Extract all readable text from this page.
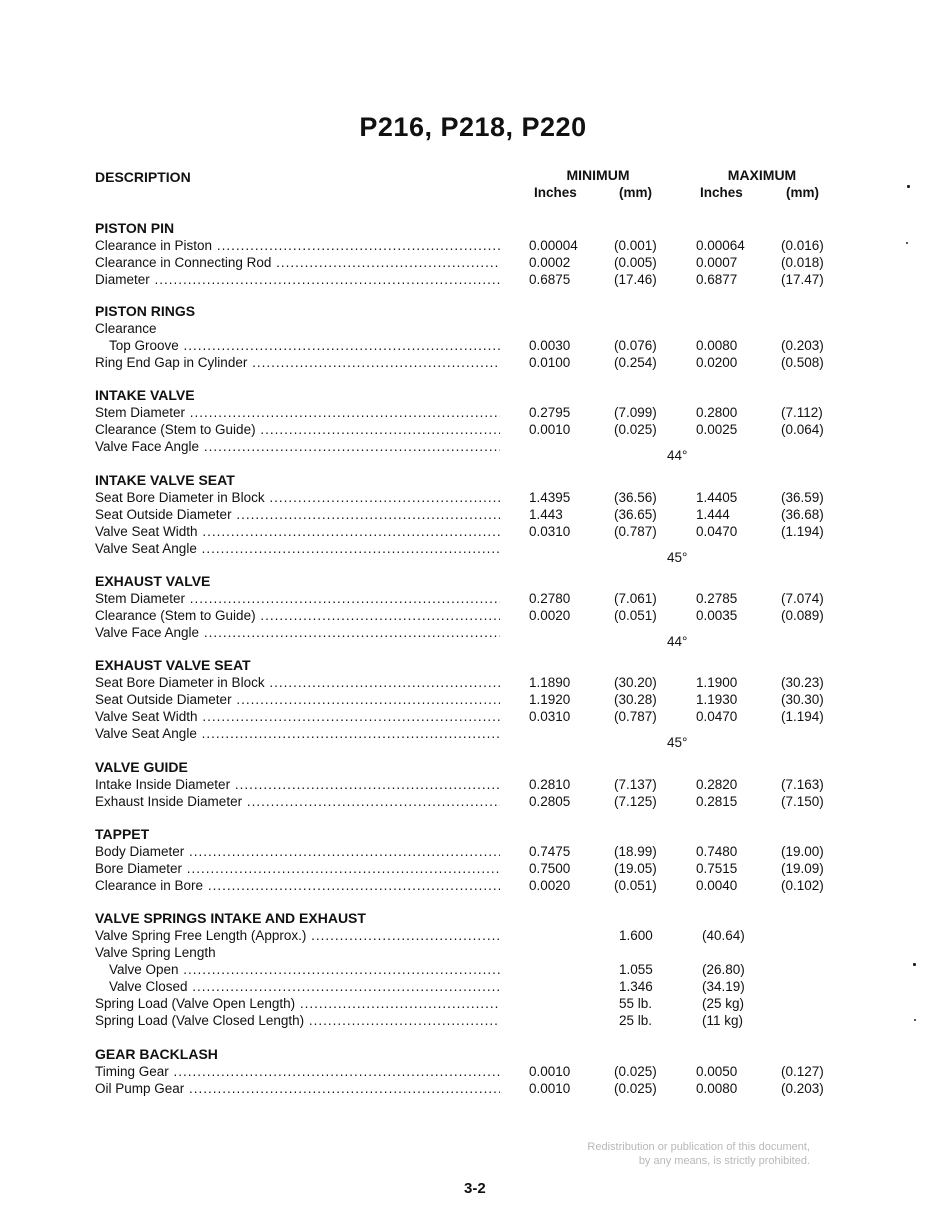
P216, P218, P220
DESCRIPTION	MINIMUM	MAXIMUM
Inches	(mm)	Inches	(mm)
PISTON PIN
Clearance in Piston .....	0.00004	(0.001)	0.00064	(0.016)
Clearance in Connecting Rod .....	0.0002	(0.005)	0.0007	(0.018)
Diameter .....	0.6875	(17.46)	0.6877	(17.47)
PISTON RINGS
Clearance
Top Groove .....	0.0030	(0.076)	0.0080	(0.203)
Ring End Gap in Cylinder .....	0.0100	(0.254)	0.0200	(0.508)
INTAKE VALVE
Stem Diameter .....	0.2795	(7.099)	0.2800	(7.112)
Clearance (Stem to Guide) .....	0.0010	(0.025)	0.0025	(0.064)
Valve Face Angle .....
44°
INTAKE VALVE SEAT
Seat Bore Diameter in Block .....	1.4395	(36.56)	1.4405	(36.59)
Seat Outside Diameter .....	1.443	(36.65)	1.444	(36.68)
Valve Seat Width .....	0.0310	(0.787)	0.0470	(1.194)
Valve Seat Angle .....
45°
EXHAUST VALVE
Stem Diameter .....	0.2780	(7.061)	0.2785	(7.074)
Clearance (Stem to Guide) .....	0.0020	(0.051)	0.0035	(0.089)
Valve Face Angle .....
44°
EXHAUST VALVE SEAT
Seat Bore Diameter in Block .....	1.1890	(30.20)	1.1900	(30.23)
Seat Outside Diameter .....	1.1920	(30.28)	1.1930	(30.30)
Valve Seat Width .....	0.0310	(0.787)	0.0470	(1.194)
Valve Seat Angle .....
45°
VALVE GUIDE
Intake Inside Diameter .....	0.2810	(7.137)	0.2820	(7.163)
Exhaust Inside Diameter .....	0.2805	(7.125)	0.2815	(7.150)
TAPPET
Body Diameter .....	0.7475	(18.99)	0.7480	(19.00)
Bore Diameter .....	0.7500	(19.05)	0.7515	(19.09)
Clearance in Bore .....	0.0020	(0.051)	0.0040	(0.102)
VALVE SPRINGS INTAKE AND EXHAUST
Valve Spring Free Length (Approx.) .....	1.600	(40.64)
Valve Spring Length
Valve Open .....	1.055	(26.80)
Valve Closed .....	1.346	(34.19)
Spring Load (Valve Open Length) .....	55 lb.	(25 kg)
Spring Load (Valve Closed Length) .....	25 lb.	(11 kg)
GEAR BACKLASH
Timing Gear .....	0.0010	(0.025)	0.0050	(0.127)
Oil Pump Gear .....	0.0010	(0.025)	0.0080	(0.203)
Redistribution or publication of this document,
by any means, is strictly prohibited.
3-2
